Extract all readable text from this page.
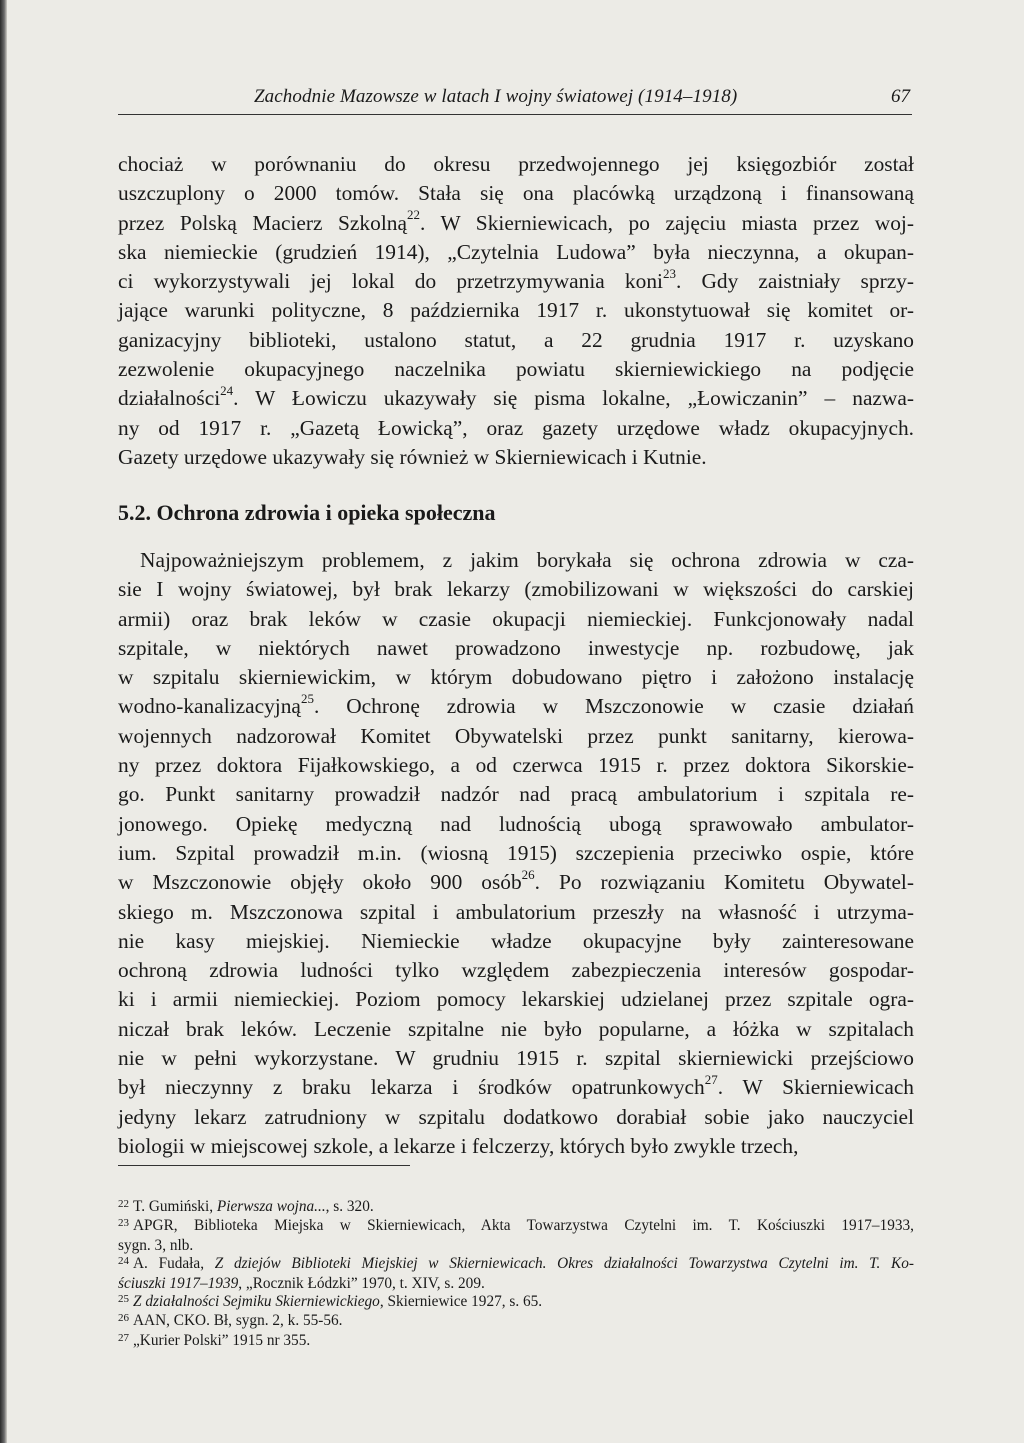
Zachodnie Mazowsze w latach I wojny światowej (1914–1918)	67
chociaż w porównaniu do okresu przedwojennego jej księgozbiór został
uszczuplony o 2000 tomów. Stała się ona placówką urządzoną i finansowaną
przez Polską Macierz Szkolną$^{22}$. W Skierniewicach, po zajęciu miasta przez woj-
ska niemieckie (grudzień 1914), „Czytelnia Ludowa” była nieczynna, a okupan-
ci wykorzystywali jej lokal do przetrzymywania koni$^{23}$. Gdy zaistniały sprzy-
jające warunki polityczne, 8 października 1917 r. ukonstytuował się komitet or-
ganizacyjny biblioteki, ustalono statut, a 22 grudnia 1917 r. uzyskano
zezwolenie okupacyjnego naczelnika powiatu skierniewickiego na podjęcie
działalności$^{24}$. W Łowiczu ukazywały się pisma lokalne, „Łowiczanin” – nazwa-
ny od 1917 r. „Gazetą Łowicką”, oraz gazety urzędowe władz okupacyjnych.
Gazety urzędowe ukazywały się również w Skierniewicach i Kutnie.
5.2. Ochrona zdrowia i opieka społeczna
Najpoważniejszym problemem, z jakim borykała się ochrona zdrowia w cza-
sie I wojny światowej, był brak lekarzy (zmobilizowani w większości do carskiej
armii) oraz brak leków w czasie okupacji niemieckiej. Funkcjonowały nadal
szpitale, w niektórych nawet prowadzono inwestycje np. rozbudowę, jak
w szpitalu skierniewickim, w którym dobudowano piętro i założono instalację
wodno-kanalizacyjną$^{25}$. Ochronę zdrowia w Mszczonowie w czasie działań
wojennych nadzorował Komitet Obywatelski przez punkt sanitarny, kierowa-
ny przez doktora Fijałkowskiego, a od czerwca 1915 r. przez doktora Sikorskie-
go. Punkt sanitarny prowadził nadzór nad pracą ambulatorium i szpitala re-
jonowego. Opiekę medyczną nad ludnością ubogą sprawowało ambulator-
ium. Szpital prowadził m.in. (wiosną 1915) szczepienia przeciwko ospie, które
w Mszczonowie objęły około 900 osób$^{26}$. Po rozwiązaniu Komitetu Obywatel-
skiego m. Mszczonowa szpital i ambulatorium przeszły na własność i utrzyma-
nie kasy miejskiej. Niemieckie władze okupacyjne były zainteresowane
ochroną zdrowia ludności tylko względem zabezpieczenia interesów gospodar-
ki i armii niemieckiej. Poziom pomocy lekarskiej udzielanej przez szpitale ogra-
niczał brak leków. Leczenie szpitalne nie było popularne, a łóżka w szpitalach
nie w pełni wykorzystane. W grudniu 1915 r. szpital skierniewicki przejściowo
był nieczynny z braku lekarza i środków opatrunkowych$^{27}$. W Skierniewicach
jedyny lekarz zatrudniony w szpitalu dodatkowo dorabiał sobie jako nauczyciel
biologii w miejscowej szkole, a lekarze i felczerzy, których było zwykle trzech,
$^{22}$ T. Gumiński, Pierwsza wojna..., s. 320.
$^{23}$ APGR, Biblioteka Miejska w Skierniewicach, Akta Towarzystwa Czytelni im. T. Kościuszki 1917–1933,
sygn. 3, nlb.
$^{24}$ A. Fudała, Z dziejów Biblioteki Miejskiej w Skierniewicach. Okres działalności Towarzystwa Czytelni im. T. Ko-
ściuszki 1917–1939, „Rocznik Łódzki” 1970, t. XIV, s. 209.
$^{25}$ Z działalności Sejmiku Skierniewickiego, Skierniewice 1927, s. 65.
$^{26}$ AAN, CKO. Bł, sygn. 2, k. 55-56.
$^{27}$ „Kurier Polski” 1915 nr 355.
